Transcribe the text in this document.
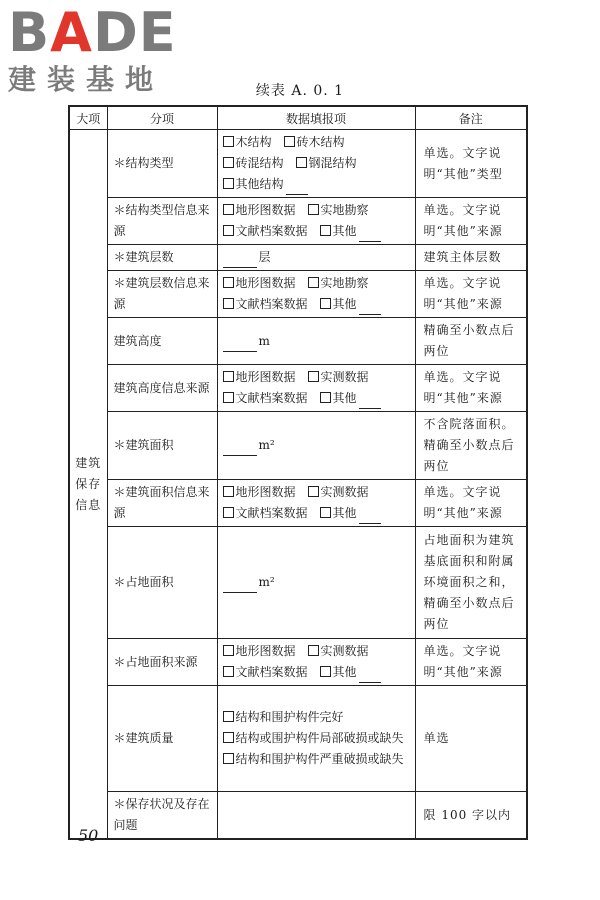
BADE
建装基地	续表 A. 0. 1
大项	分项	数据填报项	备注
建筑保存信息	＊结构类型	木结构 砖木结构
砖混结构 钢混结构
其他结构	单选。文字说明“其他”类型
	＊结构类型信息来源	地形图数据 实地勘察
文献档案数据 其他	单选。文字说明“其他”来源
	＊建筑层数	层	建筑主体层数
	＊建筑层数信息来源	地形图数据 实地勘察
文献档案数据 其他	单选。文字说明“其他”来源
	建筑高度	m	精确至小数点后两位
	建筑高度信息来源	地形图数据 实测数据
文献档案数据 其他	单选。文字说明“其他”来源
	＊建筑面积	m²	不含院落面积。精确至小数点后两位
	＊建筑面积信息来源	地形图数据 实测数据
文献档案数据 其他	单选。文字说明“其他”来源
	＊占地面积	m²	占地面积为建筑基底面积和附属环境面积之和，精确至小数点后两位
	＊占地面积来源	地形图数据 实测数据
文献档案数据 其他	单选。文字说明“其他”来源
	＊建筑质量	结构和围护构件完好
结构或围护构件局部破损或缺失
结构和围护构件严重破损或缺失	单选
	＊保存状况及存在问题		限 100 字以内
50
